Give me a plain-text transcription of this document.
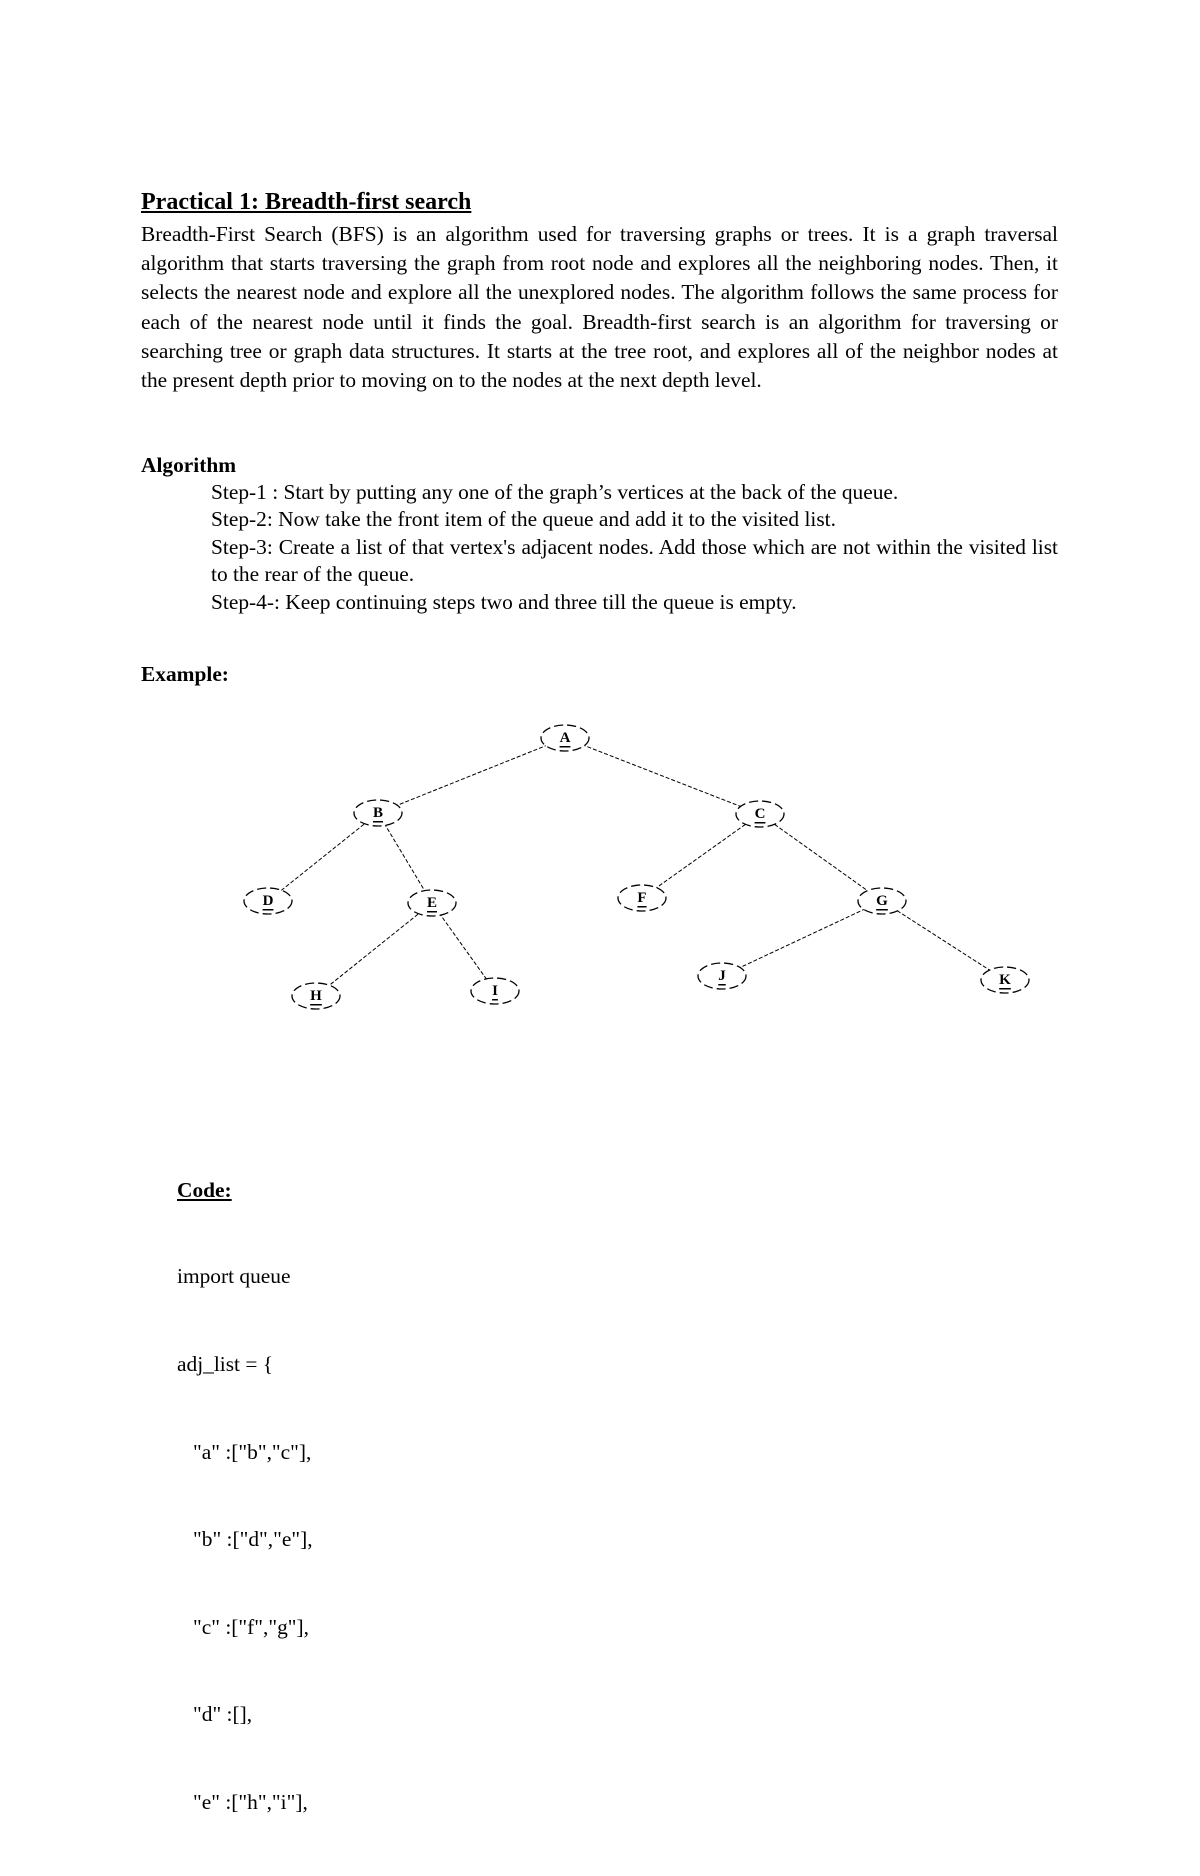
Practical 1: Breadth-first search

Breadth-First Search (BFS) is an algorithm used for traversing graphs or trees. It is a graph traversal algorithm that starts traversing the graph from root node and explores all the neighboring nodes. Then, it selects the nearest node and explore all the unexplored nodes. The algorithm follows the same process for each of the nearest node until it finds the goal. Breadth-first search is an algorithm for traversing or searching tree or graph data structures. It starts at the tree root, and explores all of the neighbor nodes at the present depth prior to moving on to the nodes at the next depth level.

Algorithm
Step-1 : Start by putting any one of the graph’s vertices at the back of the queue.
Step-2: Now take the front item of the queue and add it to the visited list.
Step-3: Create a list of that vertex's adjacent nodes. Add those which are not within the visited list to the rear of the queue.
Step-4-: Keep continuing steps two and three till the queue is empty.
Example:
A
B	C
D	E	F	G
H	I
J	K
Code:

import queue

adj_list = {

"a" :["b","c"],

"b" :["d","e"],

"c" :["f","g"],

"d" :[],

"e" :["h","i"],
